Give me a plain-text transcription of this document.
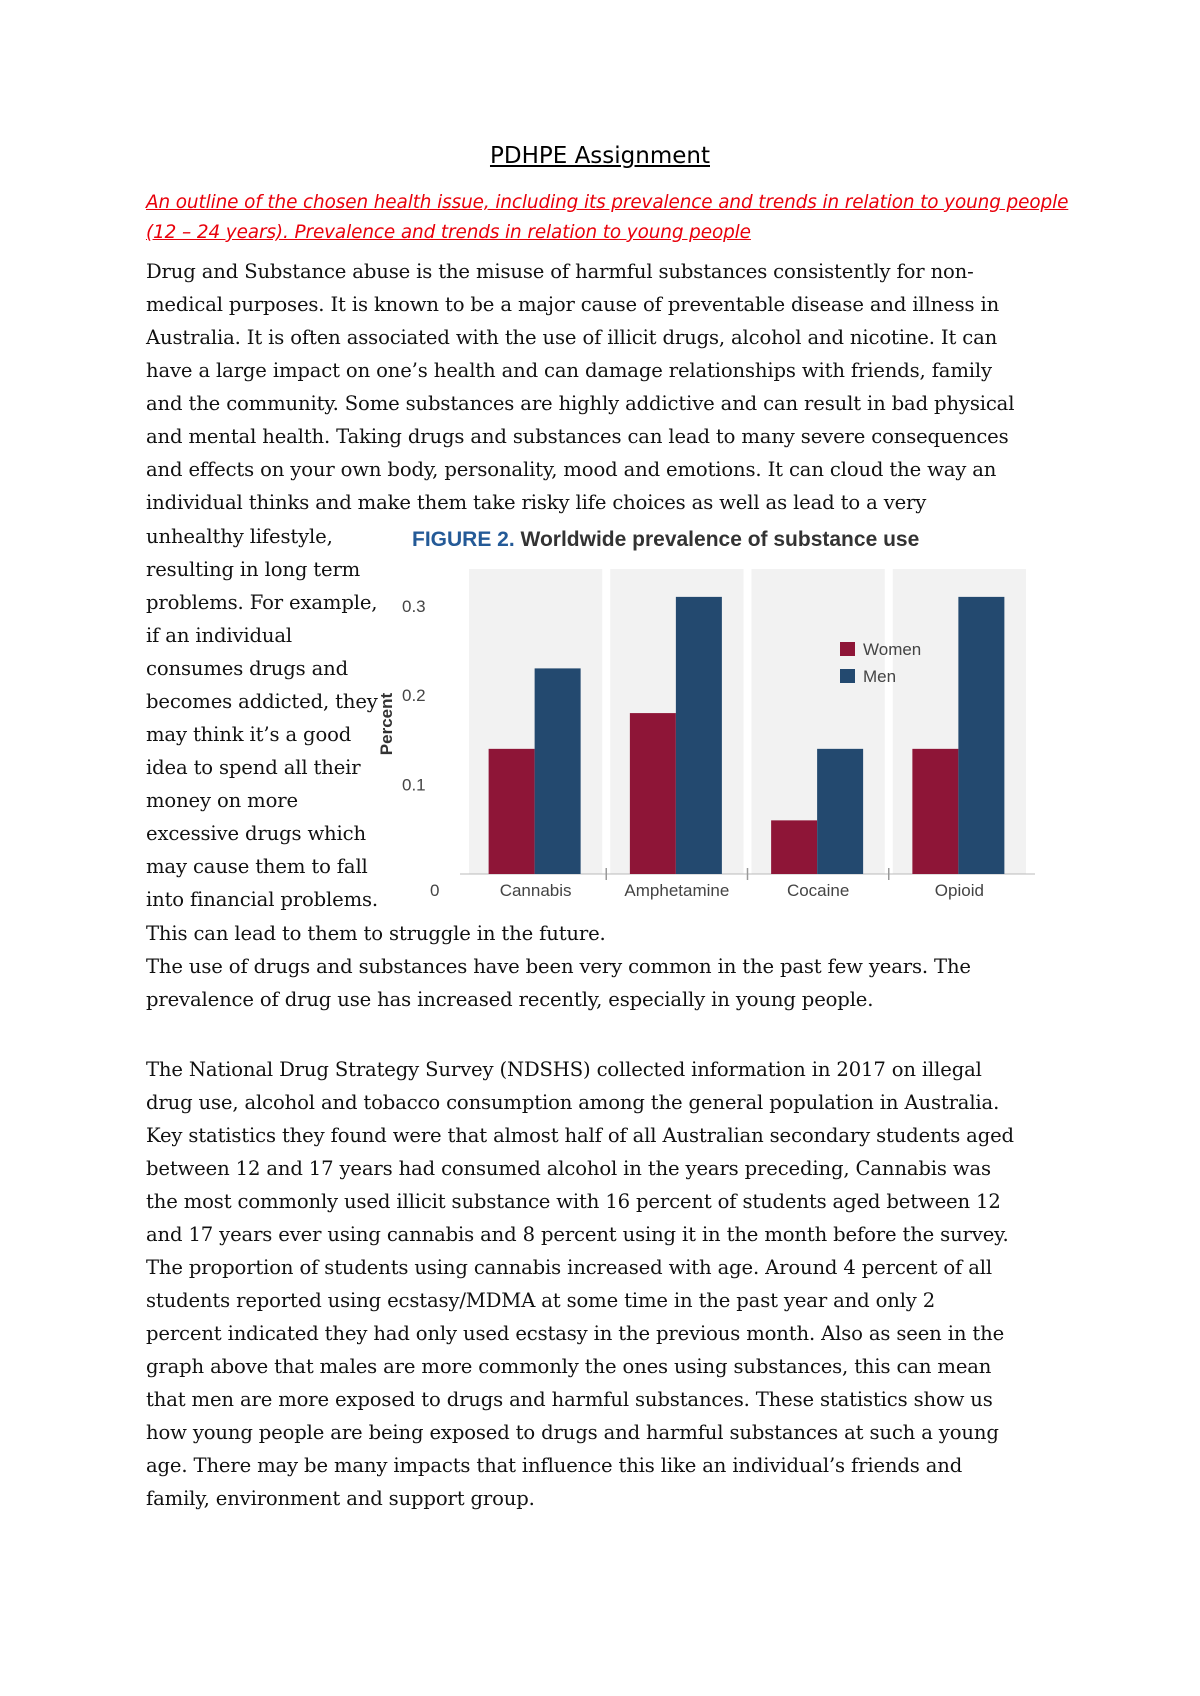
PDHPE Assignment
An outline of the chosen health issue, including its prevalence and trends in relation to young people (12 – 24 years). Prevalence and trends in relation to young people
Drug and Substance abuse is the misuse of harmful substances consistently for non-
medical purposes. It is known to be a major cause of preventable disease and illness in
Australia. It is often associated with the use of illicit drugs, alcohol and nicotine. It can
have a large impact on one’s health and can damage relationships with friends, family
and the community. Some substances are highly addictive and can result in bad physical
and mental health. Taking drugs and substances can lead to many severe consequences
and effects on your own body, personality, mood and emotions. It can cloud the way an
individual thinks and make them take risky life choices as well as lead to a very
unhealthy lifestyle,
resulting in long term
problems. For example,
if an individual
consumes drugs and
becomes addicted, they
may think it’s a good
idea to spend all their
money on more
excessive drugs which
may cause them to fall
into financial problems.
This can lead to them to struggle in the future.
The use of drugs and substances have been very common in the past few years. The
prevalence of drug use has increased recently, especially in young people.
The National Drug Strategy Survey (NDSHS) collected information in 2017 on illegal
drug use, alcohol and tobacco consumption among the general population in Australia.
Key statistics they found were that almost half of all Australian secondary students aged
between 12 and 17 years had consumed alcohol in the years preceding, Cannabis was
the most commonly used illicit substance with 16 percent of students aged between 12
and 17 years ever using cannabis and 8 percent using it in the month before the survey.
The proportion of students using cannabis increased with age. Around 4 percent of all
students reported using ecstasy/MDMA at some time in the past year and only 2
percent indicated they had only used ecstasy in the previous month. Also as seen in the
graph above that males are more commonly the ones using substances, this can mean
that men are more exposed to drugs and harmful substances. These statistics show us
how young people are being exposed to drugs and harmful substances at such a young
age. There may be many impacts that influence this like an individual’s friends and
family, environment and support group.
FIGURE 2. Worldwide prevalence of substance use
0
0.1
0.2
0.3
Percent
Cannabis	Amphetamine	Cocaine	Opioid
Women
Men
